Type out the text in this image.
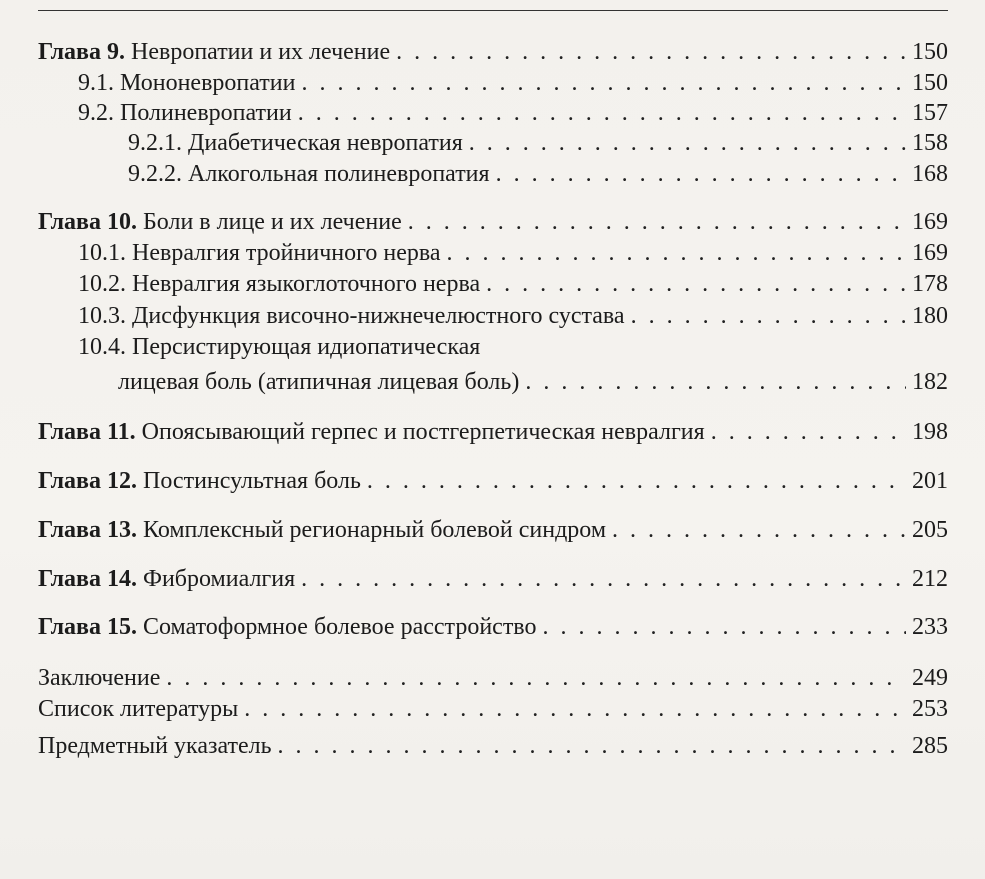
Глава 9. Невропатии и их лечение . . .	150
9.1. Мононевропатии . . .	150
9.2. Полиневропатии . . .	157
9.2.1. Диабетическая невропатия . . .	158
9.2.2. Алкогольная полиневропатия . . .	168
Глава 10. Боли в лице и их лечение . . .	169
10.1. Невралгия тройничного нерва . . .	169
10.2. Невралгия языкоглоточного нерва . . .	178
10.3. Дисфункция височно-нижнечелюстного сустава . . .	180
10.4. Персистирующая идиопатическая
лицевая боль (атипичная лицевая боль) . . .	182
Глава 11. Опоясывающий герпес и постгерпетическая невралгия . . .	198
Глава 12. Постинсультная боль . . .	201
Глава 13. Комплексный регионарный болевой синдром . . .	205
Глава 14. Фибромиалгия . . .	212
Глава 15. Соматоформное болевое расстройство . . .	233
Заключение . . .	249
Список литературы . . .	253
Предметный указатель . . .	285
